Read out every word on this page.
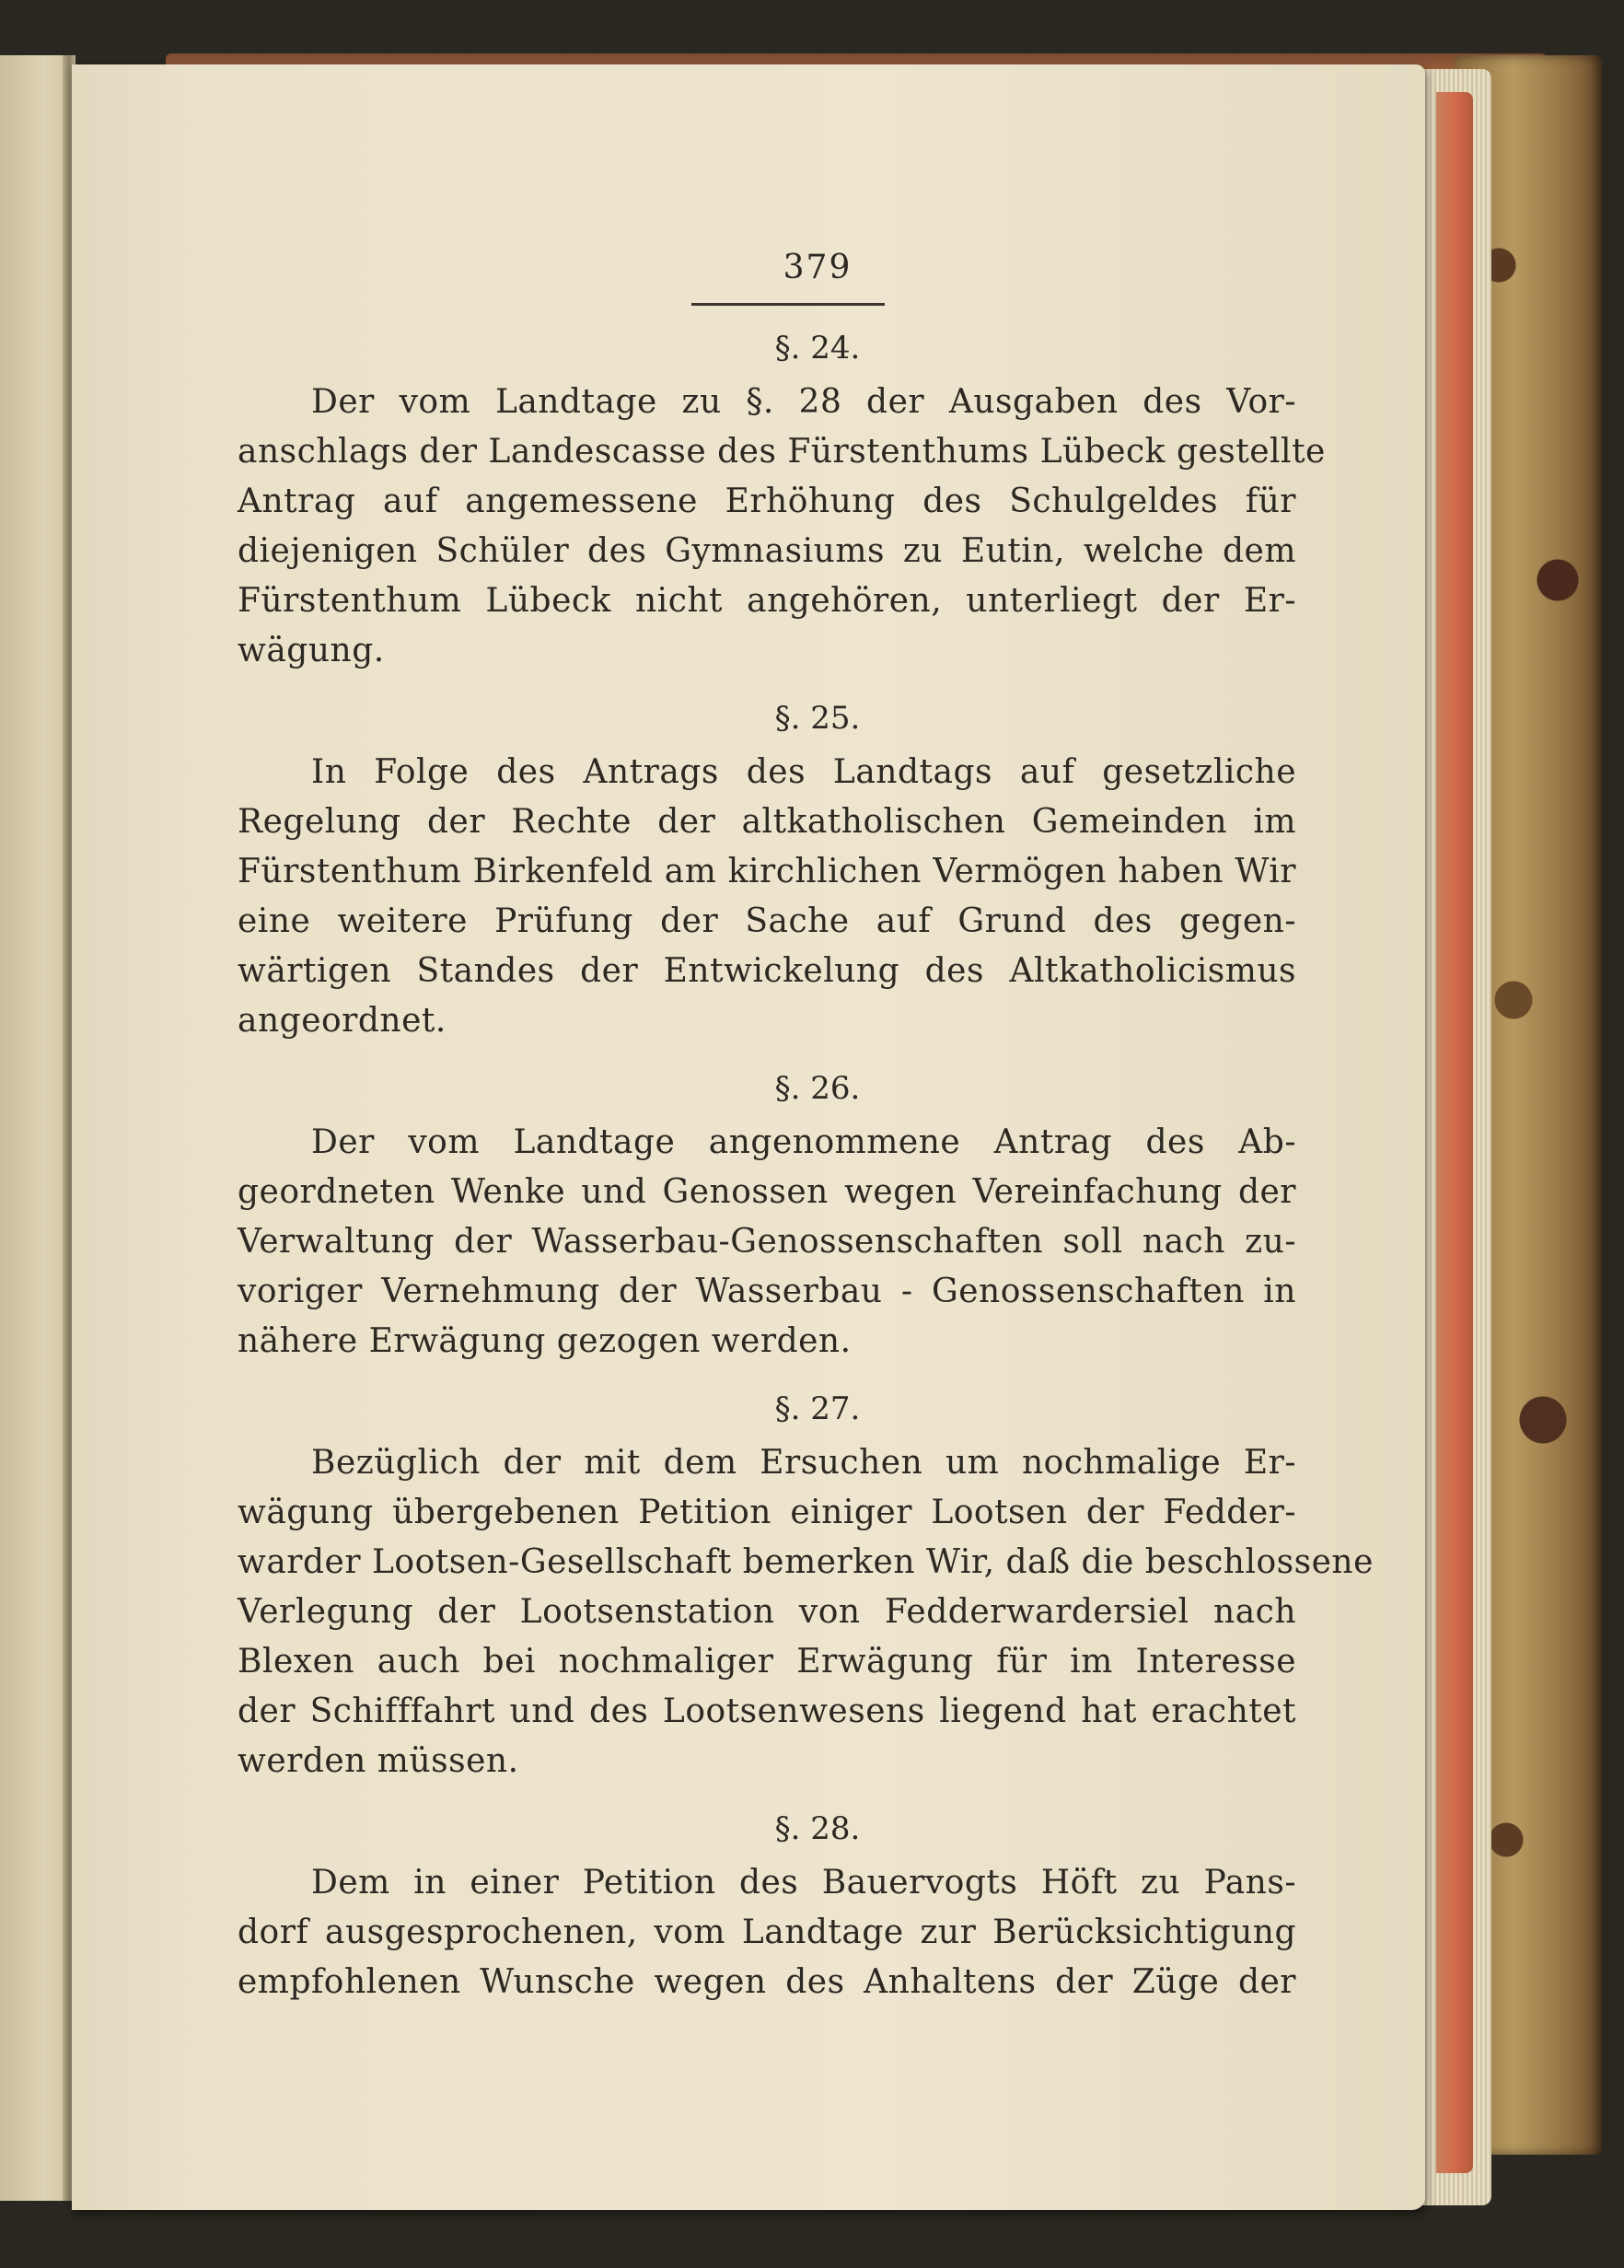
379
§. 24.

Der vom Landtage zu §. 28 der Ausgaben des Vor-
anschlags der Landescasse des Fürstenthums Lübeck gestellte
Antrag auf angemessene Erhöhung des Schulgeldes für
diejenigen Schüler des Gymnasiums zu Eutin, welche dem
Fürstenthum Lübeck nicht angehören, unterliegt der Er-
wägung.

§. 25.

In Folge des Antrags des Landtags auf gesetzliche
Regelung der Rechte der altkatholischen Gemeinden im
Fürstenthum Birkenfeld am kirchlichen Vermögen haben Wir
eine weitere Prüfung der Sache auf Grund des gegen-
wärtigen Standes der Entwickelung des Altkatholicismus
angeordnet.

§. 26.

Der vom Landtage angenommene Antrag des Ab-
geordneten Wenke und Genossen wegen Vereinfachung der
Verwaltung der Wasserbau-Genossenschaften soll nach zu-
voriger Vernehmung der Wasserbau - Genossenschaften in
nähere Erwägung gezogen werden.

§. 27.

Bezüglich der mit dem Ersuchen um nochmalige Er-
wägung übergebenen Petition einiger Lootsen der Fedder-
warder Lootsen-Gesellschaft bemerken Wir, daß die beschlossene
Verlegung der Lootsenstation von Fedderwardersiel nach
Blexen auch bei nochmaliger Erwägung für im Interesse
der Schifffahrt und des Lootsenwesens liegend hat erachtet
werden müssen.

§. 28.

Dem in einer Petition des Bauervogts Höft zu Pans-
dorf ausgesprochenen, vom Landtage zur Berücksichtigung
empfohlenen Wunsche wegen des Anhaltens der Züge der
